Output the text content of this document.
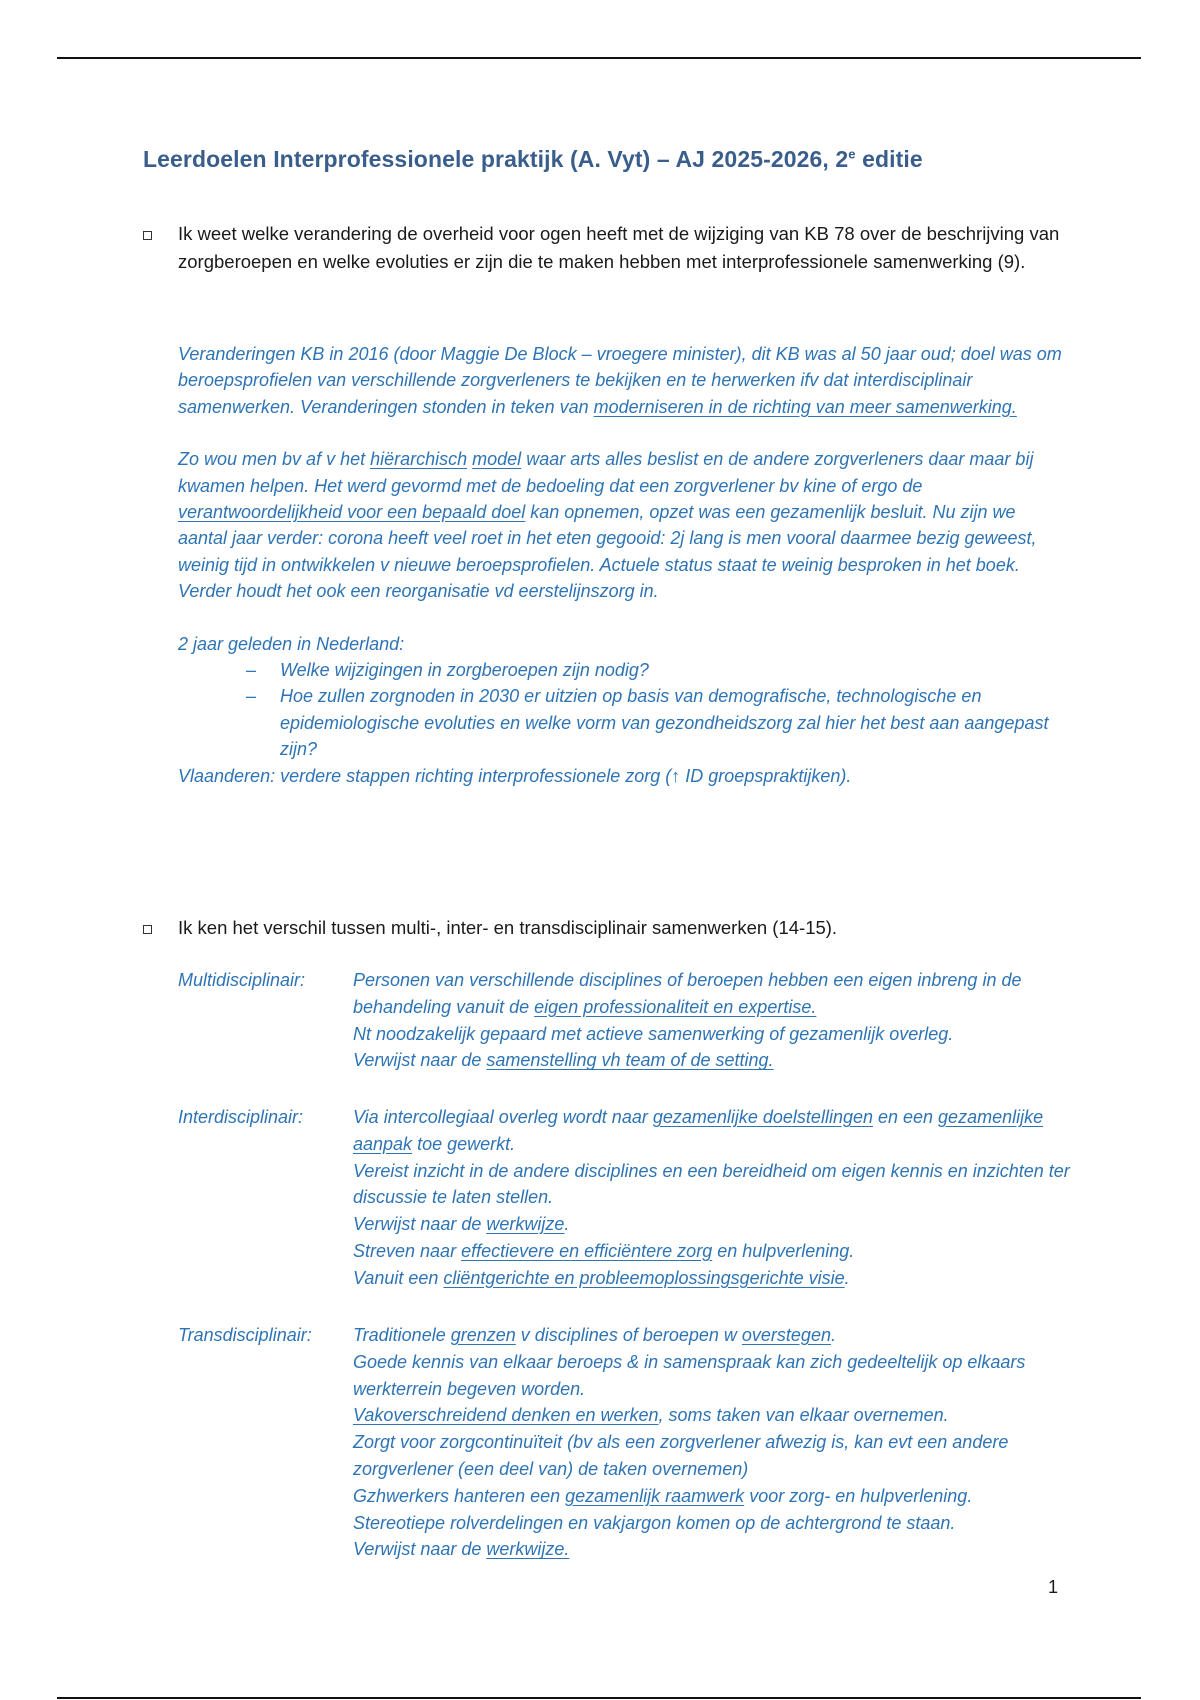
Leerdoelen Interprofessionele praktijk (A. Vyt) – AJ 2025-2026, 2e editie
Ik weet welke verandering de overheid voor ogen heeft met de wijziging van KB 78 over de beschrijving van zorgberoepen en welke evoluties er zijn die te maken hebben met interprofessionele samenwerking (9).

Veranderingen KB in 2016 (door Maggie De Block – vroegere minister), dit KB was al 50 jaar oud; doel was om beroepsprofielen van verschillende zorgverleners te bekijken en te herwerken ifv dat interdisciplinair samenwerken. Veranderingen stonden in teken van moderniseren in de richting van meer samenwerking.

Zo wou men bv af v het hiërarchisch model waar arts alles beslist en de andere zorgverleners daar maar bij kwamen helpen. Het werd gevormd met de bedoeling dat een zorgverlener bv kine of ergo de verantwoordelijkheid voor een bepaald doel kan opnemen, opzet was een gezamenlijk besluit. Nu zijn we aantal jaar verder: corona heeft veel roet in het eten gegooid: 2j lang is men vooral daarmee bezig geweest, weinig tijd in ontwikkelen v nieuwe beroepsprofielen. Actuele status staat te weinig besproken in het boek.

Verder houdt het ook een reorganisatie vd eerstelijnszorg in.

2 jaar geleden in Nederland:

– Welke wijzigingen in zorgberoepen zijn nodig?
– Hoe zullen zorgnoden in 2030 er uitzien op basis van demografische, technologische en epidemiologische evoluties en welke vorm van gezondheidszorg zal hier het best aan aangepast zijn?

Vlaanderen: verdere stappen richting interprofessionele zorg (↑ ID groepspraktijken).

Ik ken het verschil tussen multi-, inter- en transdisciplinair samenwerken (14-15).
Multidisciplinair:	Personen van verschillende disciplines of beroepen hebben een eigen inbreng in de behandeling vanuit de eigen professionaliteit en expertise.
Nt noodzakelijk gepaard met actieve samenwerking of gezamenlijk overleg.
Verwijst naar de samenstelling vh team of de setting.
Interdisciplinair:	Via intercollegiaal overleg wordt naar gezamenlijke doelstellingen en een gezamenlijke aanpak toe gewerkt.
Vereist inzicht in de andere disciplines en een bereidheid om eigen kennis en inzichten ter discussie te laten stellen.
Verwijst naar de werkwijze.
Streven naar effectievere en efficiëntere zorg en hulpverlening.
Vanuit een cliëntgerichte en probleemoplossingsgerichte visie.
Transdisciplinair: Traditionele grenzen v disciplines of beroepen w overstegen.
Goede kennis van elkaar beroeps & in samenspraak kan zich gedeeltelijk op elkaars werkterrein begeven worden.
Vakoverschreidend denken en werken, soms taken van elkaar overnemen.
Zorgt voor zorgcontinuïteit (bv als een zorgverlener afwezig is, kan evt een andere zorgverlener (een deel van) de taken overnemen)
Gzhwerkers hanteren een gezamenlijk raamwerk voor zorg- en hulpverlening.
Stereotiepe rolverdelingen en vakjargon komen op de achtergrond te staan.
Verwijst naar de werkwijze.
1
